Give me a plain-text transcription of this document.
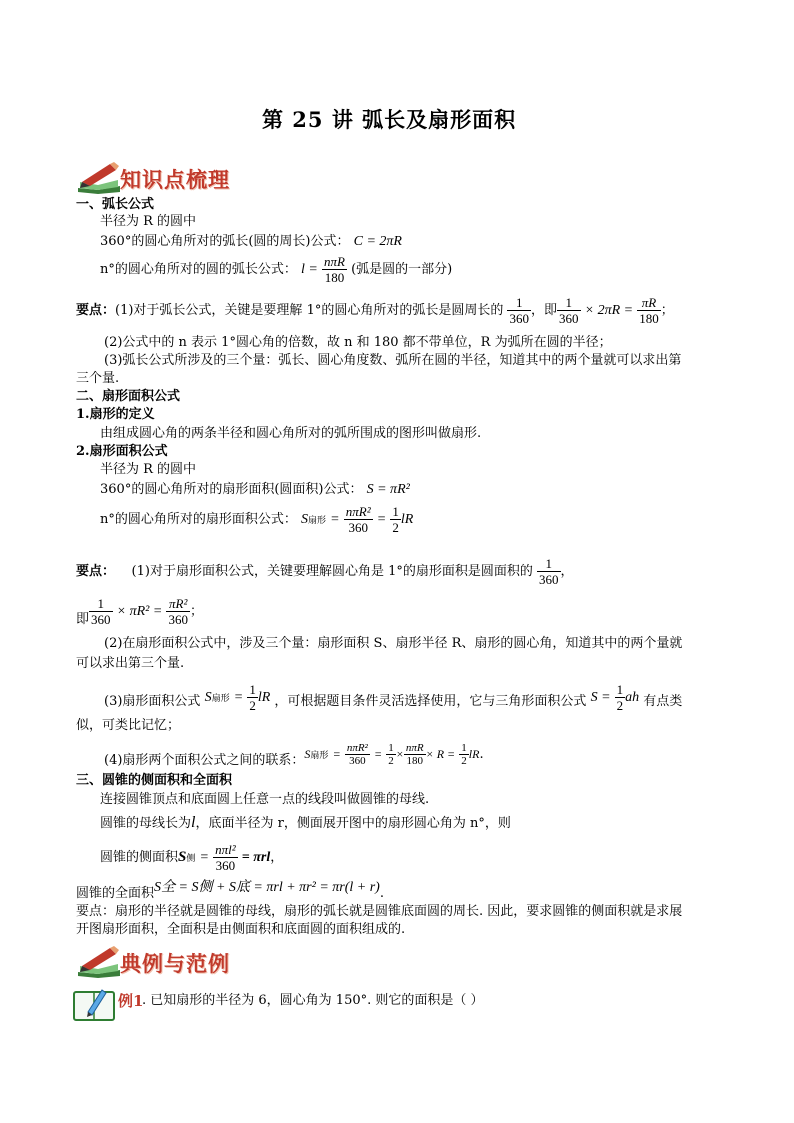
第 25 讲 弧长及扇形面积
知识点梳理
一、弧长公式
半径为 R 的圆中
360°的圆心角所对的弧长(圆的周长)公式： C = 2πR
n°的圆心角所对的圆的弧长公式： $l = \frac{\text{nπR}}{180}$ (弧是圆的一部分)
要点：(1)对于弧长公式，关键是要理解 1°的圆心角所对的弧长是圆周长的 $\frac{1}{360}$ ，即 $\frac{1}{360} \times 2\pi R = \frac{\pi R}{180}$ ；
(2)公式中的 n 表示 1°圆心角的倍数，故 n 和 180 都不带单位，R 为弧所在圆的半径；
(3)弧长公式所涉及的三个量：弧长、圆心角度数、弧所在圆的半径，知道其中的两个量就可以求出第
三个量.
二、扇形面积公式
1.扇形的定义
由组成圆心角的两条半径和圆心角所对的弧所围成的图形叫做扇形.
2.扇形面积公式
半径为 R 的圆中
360°的圆心角所对的扇形面积(圆面积)公式： S = πR²
n°的圆心角所对的扇形面积公式： S扇形 = $\frac{\text{nπR²}}{360} = \frac{1}{2}$ lR
要点： (1)对于扇形面积公式，关键要理解圆心角是 1°的扇形面积是圆面积的 $\frac{1}{360}$ ，
即 $\frac{1}{360} \times \pi R^2 = \frac{\text{πR²}}{360}$ ；
(2)在扇形面积公式中，涉及三个量：扇形面积 S、扇形半径 R、扇形的圆心角，知道其中的两个量就
可以求出第三个量.
(3)扇形面积公式 S扇形 = $\frac{1}{2}$ lR ，可根据题目条件灵活选择使用，它与三角形面积公式 $S = \frac{1}{2}$ ah 有点类
似，可类比记忆；
(4)扇形两个面积公式之间的联系：S扇形 = $\frac{\text{nπR²}}{360} = \frac{1}{2} \times \frac{\text{nπR}}{180} \times R = \frac{1}{2}$ lR.
三、圆锥的侧面积和全面积
连接圆锥顶点和底面圆上任意一点的线段叫做圆锥的母线.
圆锥的母线长为l，底面半径为 r，侧面展开图中的扇形圆心角为 n°，则
圆锥的侧面积S侧 = $\frac{\text{nπl²}}{360} = \pi rl$，
圆锥的全面积S全 = S侧 + S底 = πrl + πr² = πr(l + r).
要点：扇形的半径就是圆锥的母线，扇形的弧长就是圆锥底面圆的周长. 因此，要求圆锥的侧面积就是求展
开图扇形面积，全面积是由侧面积和底面圆的面积组成的.
典例与范例
例1
. 已知扇形的半径为 6，圆心角为 150°. 则它的面积是（ ）
